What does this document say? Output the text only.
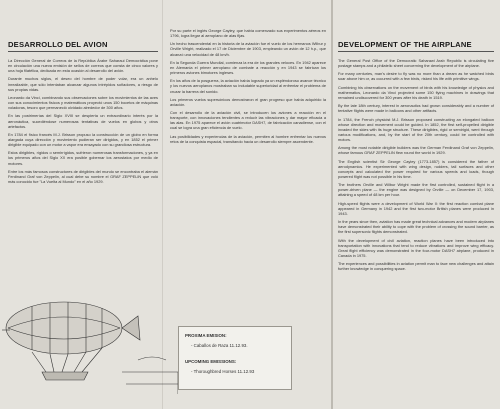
DESARROLLO DEL AVION

La Dirección General de Correos de la República Árabe Saharaui Democrática pone en circulación una nueva emisión de sellos de correos que consta de cinco valores y una hoja filatélica, dedicada en esta ocasión al desarrollo del avión.

Durante muchos siglos, el deseo del hombre de poder volar, era un anhelo inrealizable, que sólo intentaban alcanzar algunos intrépidos soñadores, a riesgo de sus propias vidas.

Leonardo da Vinci, combinando sus observaciones sobre los movimientos de las aves con sus conocimientos físicos y matemáticos proyectó unos 150 bocetos de máquinas voladoras, tesoro que permaneció olvidado alrededor de 300 años.

En las postrimerías del Siglo XVIII se despierta un extraordinario interés por la aeronáutica, sucediéndose numerosas tentativas de vuelos en globos y otros artefactos.

En 1784 el físico francés M.J. Brisson propuso la construcción de un globo en forma alargada cuya dirección y movimiento pudieran ser dirigidos, y en 1852 el primer dirigible equipado con un motor a vapor era ensayado con su grandiosa estructura.

Estos dirigibles, rígidos o semirrígidos, sufrieron numerosas transformaciones, y ya en los primeros años del Siglo XX era posible gobernar los aerostatos por medio de motores.

Entre los más famosos constructores de dirigibles del mundo se encontraba el alemán Ferdinand Graf von Zeppelin, al cual debe su nombre el GRAF ZEPPELIN que voló más conocido fue "La Vuelta al Mundo" en el año 1929.

Por su parte el inglés George Cayley, que había comenzado sus experimentos aéreos en 1796, logra llegar al aeroplano de alas fijas.

Un hecho trascendental en la historia de la aviación fue el vuelo de los hermanos Wilbur y Orville Wright, realizado el 17 de Diciembre de 1903, empleando un avión de 12 h.p., que alcanzó una velocidad de 48 km/h.

En la Segunda Guerra Mundial, comienza la era de los grandes veloces. En 1942 aparece en Alemania el primer aeroplano de combate a reacción y en 1943 se fabrican los primeros aviones bimotores ingleses.

En los años de la posguerra, la aviación había logrado ya un espléndoroso avance técnico y los nuevos aeroplanos mostraban su indudable superioridad al enfrentar el problema de cruzar la barrera del sonido.

Los primeros vuelos supersónicos demostraron el gran progreso que había adquirido la aviación.

Con el desarrollo de la aviación civil, se introducen los aviones a reacción en el transporte, con innovaciones tendientes a reducir las vibraciones y dar mayor eficacia a las alas. En 1975 aparece el avión cuatrimotor DASH7, de fabricación canadiense, con el cual se logra una gran eficiencia de vuelo.

Las posibilidades y experiencias de la aviación, permiten al hombre enfrentar los nuevos retos de la conquista espacial, transitando hacia un desarrollo siempre ascendente.

PROXIMA EMISION:
- Caballos de Raza 11.12.93.
UPCOMING EMISSIONS:
- Thoroughbred Horses 11.12.93
DEVELOPMENT OF THE AIRPLANE

The General Post Office of the Democratic Saharawi Arab Republic is circulating five postage stamps and a philatelic sheet concerning the development of the airplane.

For many centuries, man's desire to fly was no more than a dream as he watched birds soar above him or, as occurred with a few birds, risked his life with primitive wings.

Combining his observations on the movement of birds with his knowledge of physics and mathematics, Leonardo da Vinci projected some 150 flying machines in drawings that remained undiscovered for 300 years after his death in 1519.

By the late 18th century, interest in aeronautics had grown considerably and a number of tentative flights were made in balloons and other artifacts.

In 1784, the French physicist M.J. Brisson proposed constructing an elongated balloon whose direction and movement could be guided. In 1852, the first self-propelled dirigible invaded the skies with its huge structure. These dirigibles, rigid or semirigid, went through various modifications, and, by the start of the 20th century, could be controlled with motors.

Among the most notable dirigible builders was the German Ferdinand Graf von Zeppelin, whose famous GRAF ZEPPELIN flew round the world in 1929.

The English scientist Sir George Cayley (1773-1857) is considered the father of aerodynamics. He experimented with wing design, rudders, tail surfaces and other concepts and calculated the power required for various speeds and loads, though powered flight was not possible in his time.

The brothers Orville and Wilbur Wright made the first controlled, sustained flight in a power-driven plane — the engine was designed by Orville — on December 17, 1903, attaining a speed of 48 km per hour.

High-speed flights were a development of World War II: the first reaction combat plane appeared in Germany in 1942 and the first two-motor British planes were produced in 1943.

In the years since then, aviation has made great technical advances and modern airplanes have demonstrated their ability to cope with the problem of crossing the sound barrier, as the first supersonic flights demonstrated.

With the development of civil aviation, reaction planes have been introduced into transportation with innovations that tend to reduce vibrations and improve wing efficacy. Great flight efficiency was demonstrated in the four-motor DASH7 airplane, produced in Canada in 1975.

The experiences and possibilities in aviation permit man to face new challenges and attain further knowledge in conquering space.
